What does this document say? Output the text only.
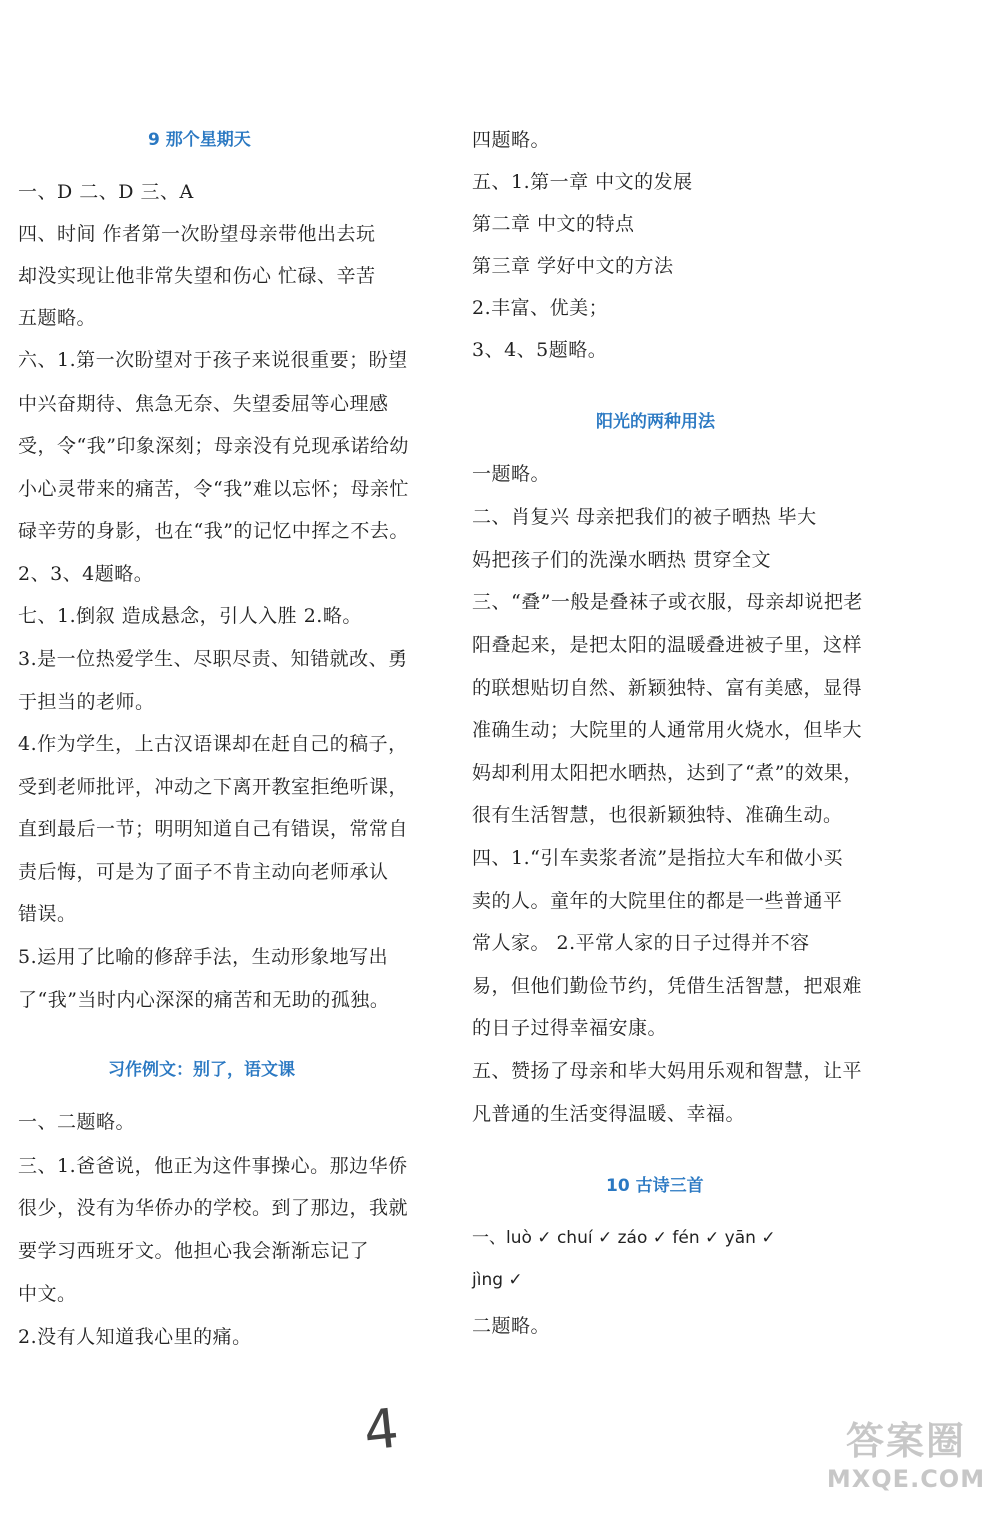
9 那个星期天
一、D 二、D 三、A
四、时间 作者第一次盼望母亲带他出去玩
却没实现让他非常失望和伤心 忙碌、辛苦
五题略。
六、1.第一次盼望对于孩子来说很重要；盼望
中兴奋期待、焦急无奈、失望委屈等心理感
受，令“我”印象深刻；母亲没有兑现承诺给幼
小心灵带来的痛苦，令“我”难以忘怀；母亲忙
碌辛劳的身影，也在“我”的记忆中挥之不去。
2、3、4题略。
七、1.倒叙 造成悬念，引人入胜 2.略。
3.是一位热爱学生、尽职尽责、知错就改、勇
于担当的老师。
4.作为学生，上古汉语课却在赶自己的稿子，
受到老师批评，冲动之下离开教室拒绝听课，
直到最后一节；明明知道自己有错误，常常自
责后悔，可是为了面子不肯主动向老师承认
错误。
5.运用了比喻的修辞手法，生动形象地写出
了“我”当时内心深深的痛苦和无助的孤独。
习作例文：别了，语文课
一、二题略。
三、1.爸爸说，他正为这件事操心。那边华侨
很少，没有为华侨办的学校。到了那边，我就
要学习西班牙文。他担心我会渐渐忘记了
中文。
2.没有人知道我心里的痛。
四题略。
五、1.第一章 中文的发展
第二章 中文的特点
第三章 学好中文的方法
2.丰富、优美；
3、4、5题略。
阳光的两种用法
一题略。
二、肖复兴 母亲把我们的被子晒热 毕大
妈把孩子们的洗澡水晒热 贯穿全文
三、“叠”一般是叠袜子或衣服，母亲却说把老
阳叠起来，是把太阳的温暖叠进被子里，这样
的联想贴切自然、新颖独特、富有美感，显得
准确生动；大院里的人通常用火烧水，但毕大
妈却利用太阳把水晒热，达到了“煮”的效果，
很有生活智慧，也很新颖独特、准确生动。
四、1.“引车卖浆者流”是指拉大车和做小买
卖的人。童年的大院里住的都是一些普通平
常人家。 2.平常人家的日子过得并不容
易，但他们勤俭节约，凭借生活智慧，把艰难
的日子过得幸福安康。
五、赞扬了母亲和毕大妈用乐观和智慧，让平
凡普通的生活变得温暖、幸福。
10 古诗三首
一、luò ✓ chuí ✓ záo ✓ fén ✓ yān ✓
jìng ✓
二题略。
4	答案圈
MXQE.COM
